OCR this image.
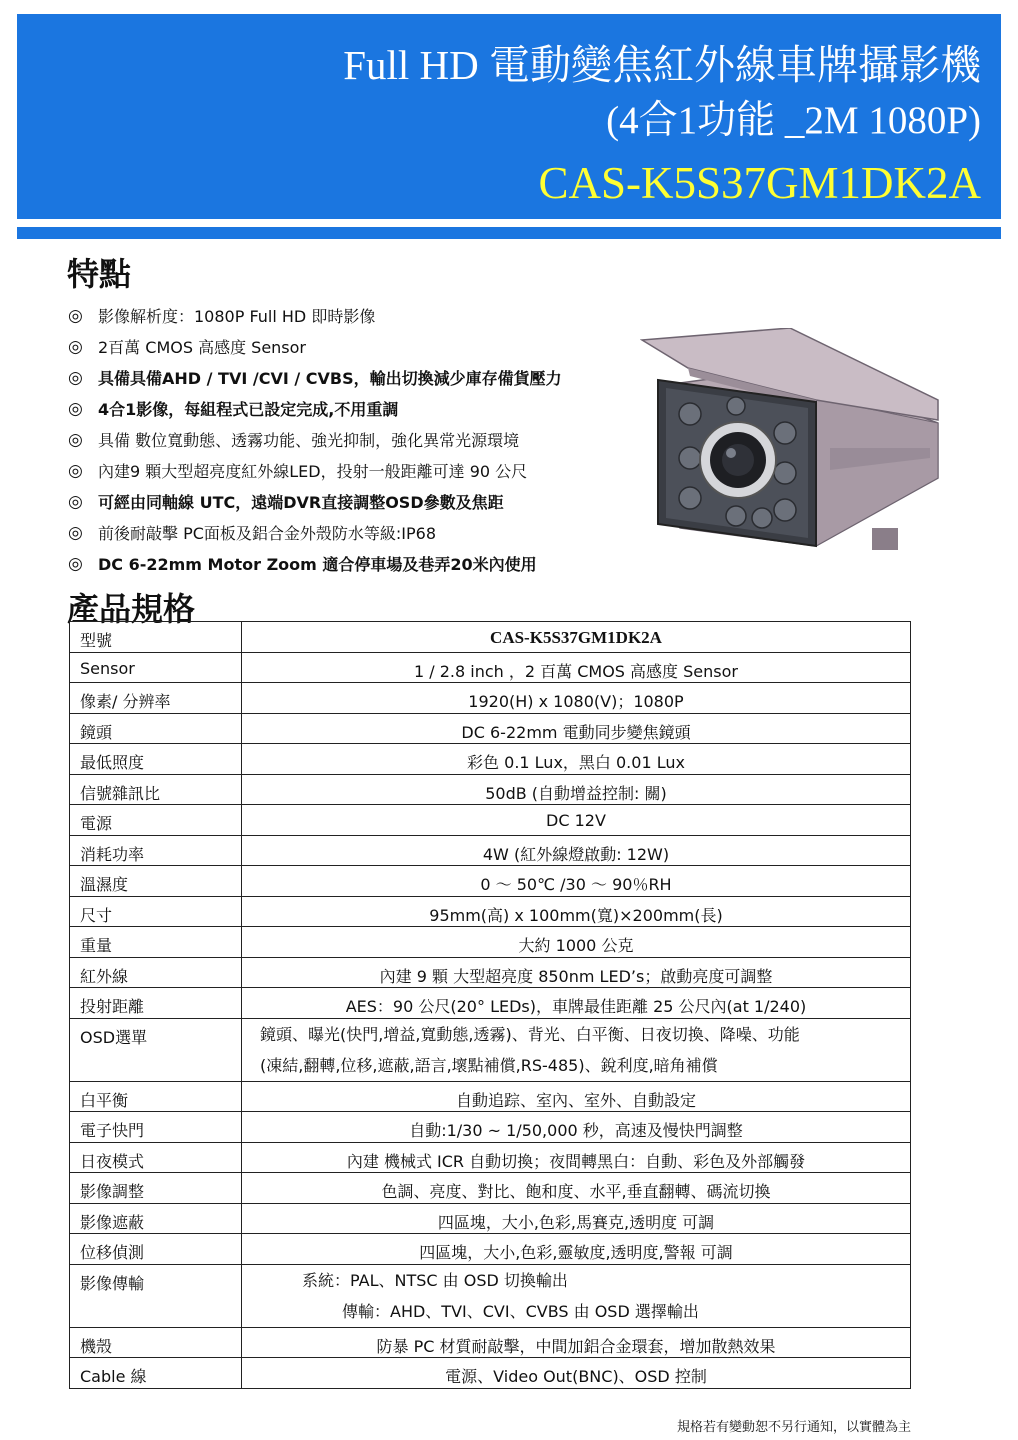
Full HD 電動變焦紅外線車牌攝影機
(4合1功能 _2M 1080P)
CAS-K5S37GM1DK2A
特點
◎ 影像解析度：1080P Full HD 即時影像
◎ 2百萬 CMOS 高感度 Sensor
◎ 具備具備AHD / TVI /CVI / CVBS，輸出切換減少庫存備貨壓力
◎ 4合1影像，每組程式已設定完成,不用重調
◎ 具備 數位寬動態、透霧功能、強光抑制，強化異常光源環境
◎ 內建9 顆大型超亮度紅外線LED，投射一般距離可達 90 公尺
◎ 可經由同軸線 UTC，遠端DVR直接調整OSD參數及焦距
◎ 前後耐敲擊 PC面板及鋁合金外殼防水等級:IP68
◎ DC 6-22mm Motor Zoom 適合停車場及巷弄20米內使用
產品規格
型號	CAS-K5S37GM1DK2A
Sensor	1 / 2.8 inch ，2 百萬 CMOS 高感度 Sensor
像素/ 分辨率	1920(H) x 1080(V)；1080P
鏡頭	DC 6-22mm 電動同步變焦鏡頭
最低照度	彩色 0.1 Lux，黑白 0.01 Lux
信號雜訊比	50dB (自動增益控制: 關)
電源	DC 12V
消耗功率	4W (紅外線燈啟動: 12W)
溫濕度	0 ～ 50℃ /30 ～ 90％RH
尺寸	95mm(高) x 100mm(寬)×200mm(長)
重量	大約 1000 公克
紅外線	內建 9 顆 大型超亮度 850nm LED’s；啟動亮度可調整
投射距離	AES：90 公尺(20° LEDs)，車牌最佳距離 25 公尺內(at 1/240)
OSD選單	鏡頭、曝光(快門,增益,寬動態,透霧)、背光、白平衡、日夜切換、降噪、功能
(凍結,翻轉,位移,遮蔽,語言,壞點補償,RS-485)、銳利度,暗角補償

白平衡	自動追踪、室內、室外、自動設定
電子快門	自動:1/30 ~ 1/50,000 秒，高速及慢快門調整
日夜模式	內建 機械式 ICR 自動切換；夜間轉黑白：自動、彩色及外部觸發
影像調整	色調、亮度、對比、飽和度、水平,垂直翻轉、碼流切換
影像遮蔽	四區塊，大小,色彩,馬賽克,透明度 可調
位移偵測	四區塊，大小,色彩,靈敏度,透明度,警報 可調
影像傳輸	系統：PAL、NTSC 由 OSD 切換輸出
傳輸：AHD、TVI、CVI、CVBS 由 OSD 選擇輸出

機殼	防暴 PC 材質耐敲擊，中間加鋁合金環套，增加散熱效果
Cable 線	電源、Video Out(BNC)、OSD 控制
規格若有變動恕不另行通知，以實體為主
